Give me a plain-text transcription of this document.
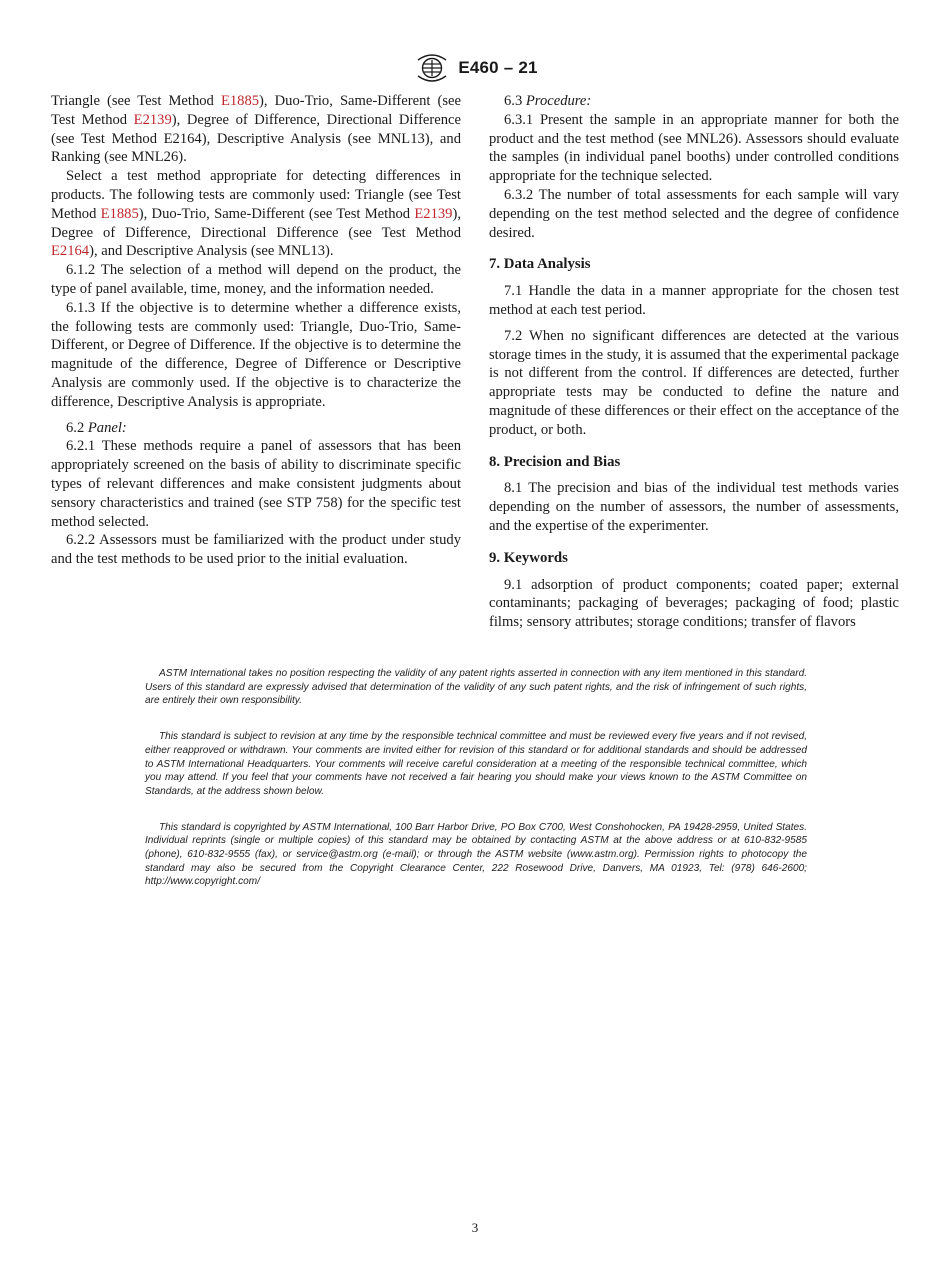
E460 – 21

Triangle (see Test Method E1885), Duo-Trio, Same-Different (see Test Method E2139), Degree of Difference, Directional Difference (see Test Method E2164), Descriptive Analysis (see MNL13), and Ranking (see MNL26).

Select a test method appropriate for detecting differences in products. The following tests are commonly used: Triangle (see Test Method E1885), Duo-Trio, Same-Different (see Test Method E2139), Degree of Difference, Directional Difference (see Test Method E2164), and Descriptive Analysis (see MNL13).

6.1.2 The selection of a method will depend on the product, the type of panel available, time, money, and the information needed.

6.1.3 If the objective is to determine whether a difference exists, the following tests are commonly used: Triangle, Duo-Trio, Same-Different, or Degree of Difference. If the objective is to determine the magnitude of the difference, Degree of Difference or Descriptive Analysis are commonly used. If the objective is to characterize the difference, Descriptive Analysis is appropriate.

6.2 Panel:

6.2.1 These methods require a panel of assessors that has been appropriately screened on the basis of ability to discriminate specific types of relevant differences and make consistent judgments about sensory characteristics and trained (see STP 758) for the specific test method selected.

6.2.2 Assessors must be familiarized with the product under study and the test methods to be used prior to the initial evaluation.

6.3 Procedure:

6.3.1 Present the sample in an appropriate manner for both the product and the test method (see MNL26). Assessors should evaluate the samples (in individual panel booths) under controlled conditions appropriate for the technique selected.

6.3.2 The number of total assessments for each sample will vary depending on the test method selected and the degree of confidence desired.

7. Data Analysis

7.1 Handle the data in a manner appropriate for the chosen test method at each test period.

7.2 When no significant differences are detected at the various storage times in the study, it is assumed that the experimental package is not different from the control. If differences are detected, further appropriate tests may be conducted to define the nature and magnitude of these differences or their effect on the acceptance of the product, or both.

8. Precision and Bias

8.1 The precision and bias of the individual test methods varies depending on the number of assessors, the number of assessments, and the expertise of the experimenter.

9. Keywords

9.1 adsorption of product components; coated paper; external contaminants; packaging of beverages; packaging of food; plastic films; sensory attributes; storage conditions; transfer of flavors

ASTM International takes no position respecting the validity of any patent rights asserted in connection with any item mentioned in this standard. Users of this standard are expressly advised that determination of the validity of any such patent rights, and the risk of infringement of such rights, are entirely their own responsibility.

This standard is subject to revision at any time by the responsible technical committee and must be reviewed every five years and if not revised, either reapproved or withdrawn. Your comments are invited either for revision of this standard or for additional standards and should be addressed to ASTM International Headquarters. Your comments will receive careful consideration at a meeting of the responsible technical committee, which you may attend. If you feel that your comments have not received a fair hearing you should make your views known to the ASTM Committee on Standards, at the address shown below.

This standard is copyrighted by ASTM International, 100 Barr Harbor Drive, PO Box C700, West Conshohocken, PA 19428-2959, United States. Individual reprints (single or multiple copies) of this standard may be obtained by contacting ASTM at the above address or at 610-832-9585 (phone), 610-832-9555 (fax), or service@astm.org (e-mail); or through the ASTM website (www.astm.org). Permission rights to photocopy the standard may also be secured from the Copyright Clearance Center, 222 Rosewood Drive, Danvers, MA 01923, Tel: (978) 646-2600; http://www.copyright.com/

3
